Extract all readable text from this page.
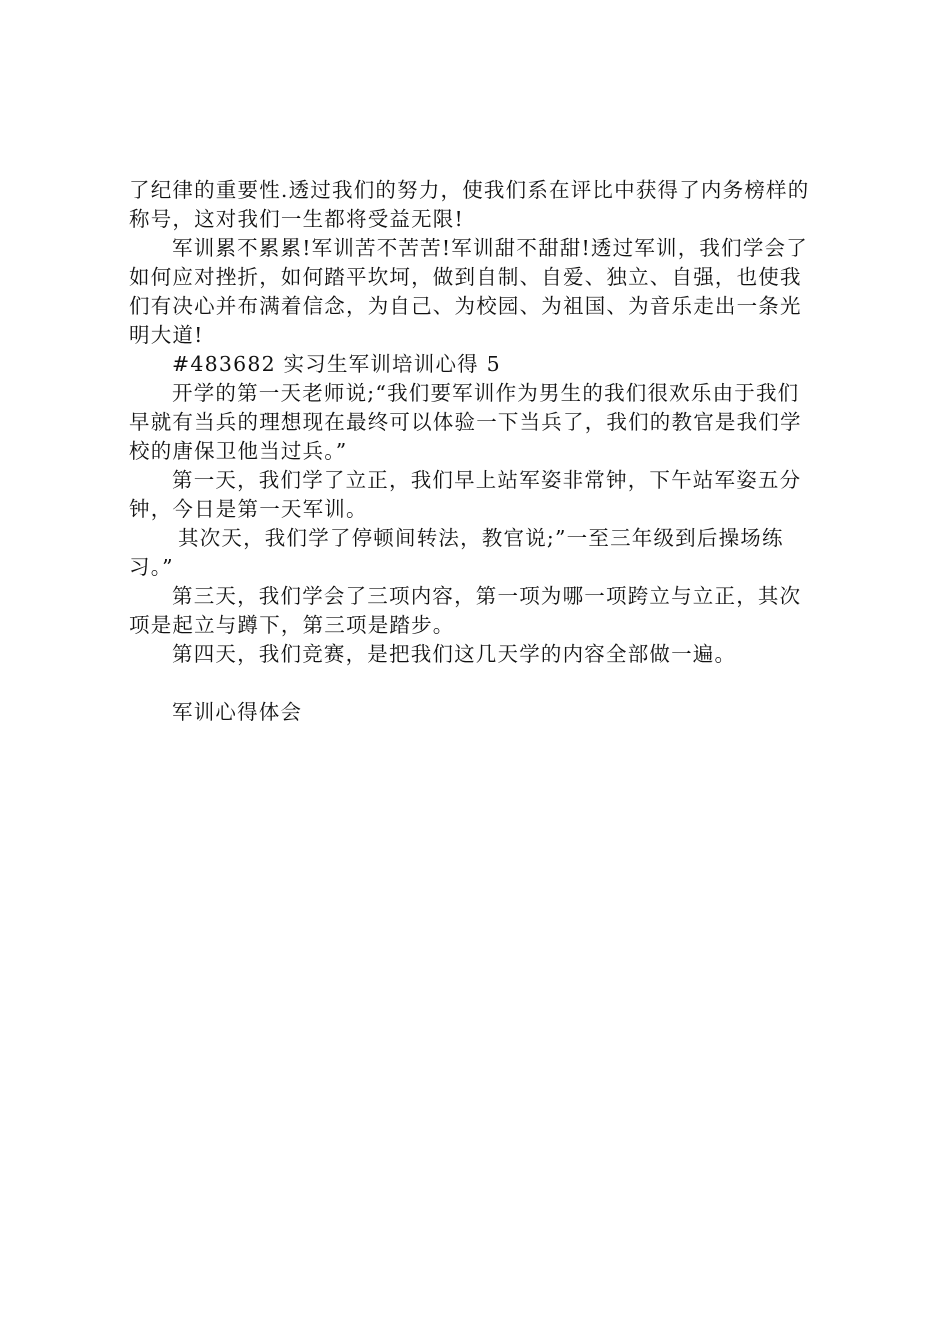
了纪律的重要性.透过我们的努力，使我们系在评比中获得了内务榜样的
称号，这对我们一生都将受益无限!
军训累不累累!军训苦不苦苦!军训甜不甜甜!透过军训，我们学会了
如何应对挫折，如何踏平坎坷，做到自制、自爱、独立、自强，也使我
们有决心并布满着信念，为自己、为校园、为祖国、为音乐走出一条光
明大道!
#483682 实习生军训培训心得 5
开学的第一天老师说;“我们要军训作为男生的我们很欢乐由于我们
早就有当兵的理想现在最终可以体验一下当兵了，我们的教官是我们学
校的唐保卫他当过兵。”
第一天，我们学了立正，我们早上站军姿非常钟，下午站军姿五分
钟，今日是第一天军训。
其次天，我们学了停顿间转法，教官说;”一至三年级到后操场练
习。”
第三天，我们学会了三项内容，第一项为哪一项跨立与立正，其次
项是起立与蹲下，第三项是踏步。
第四天，我们竞赛，是把我们这几天学的内容全部做一遍。
军训心得体会
